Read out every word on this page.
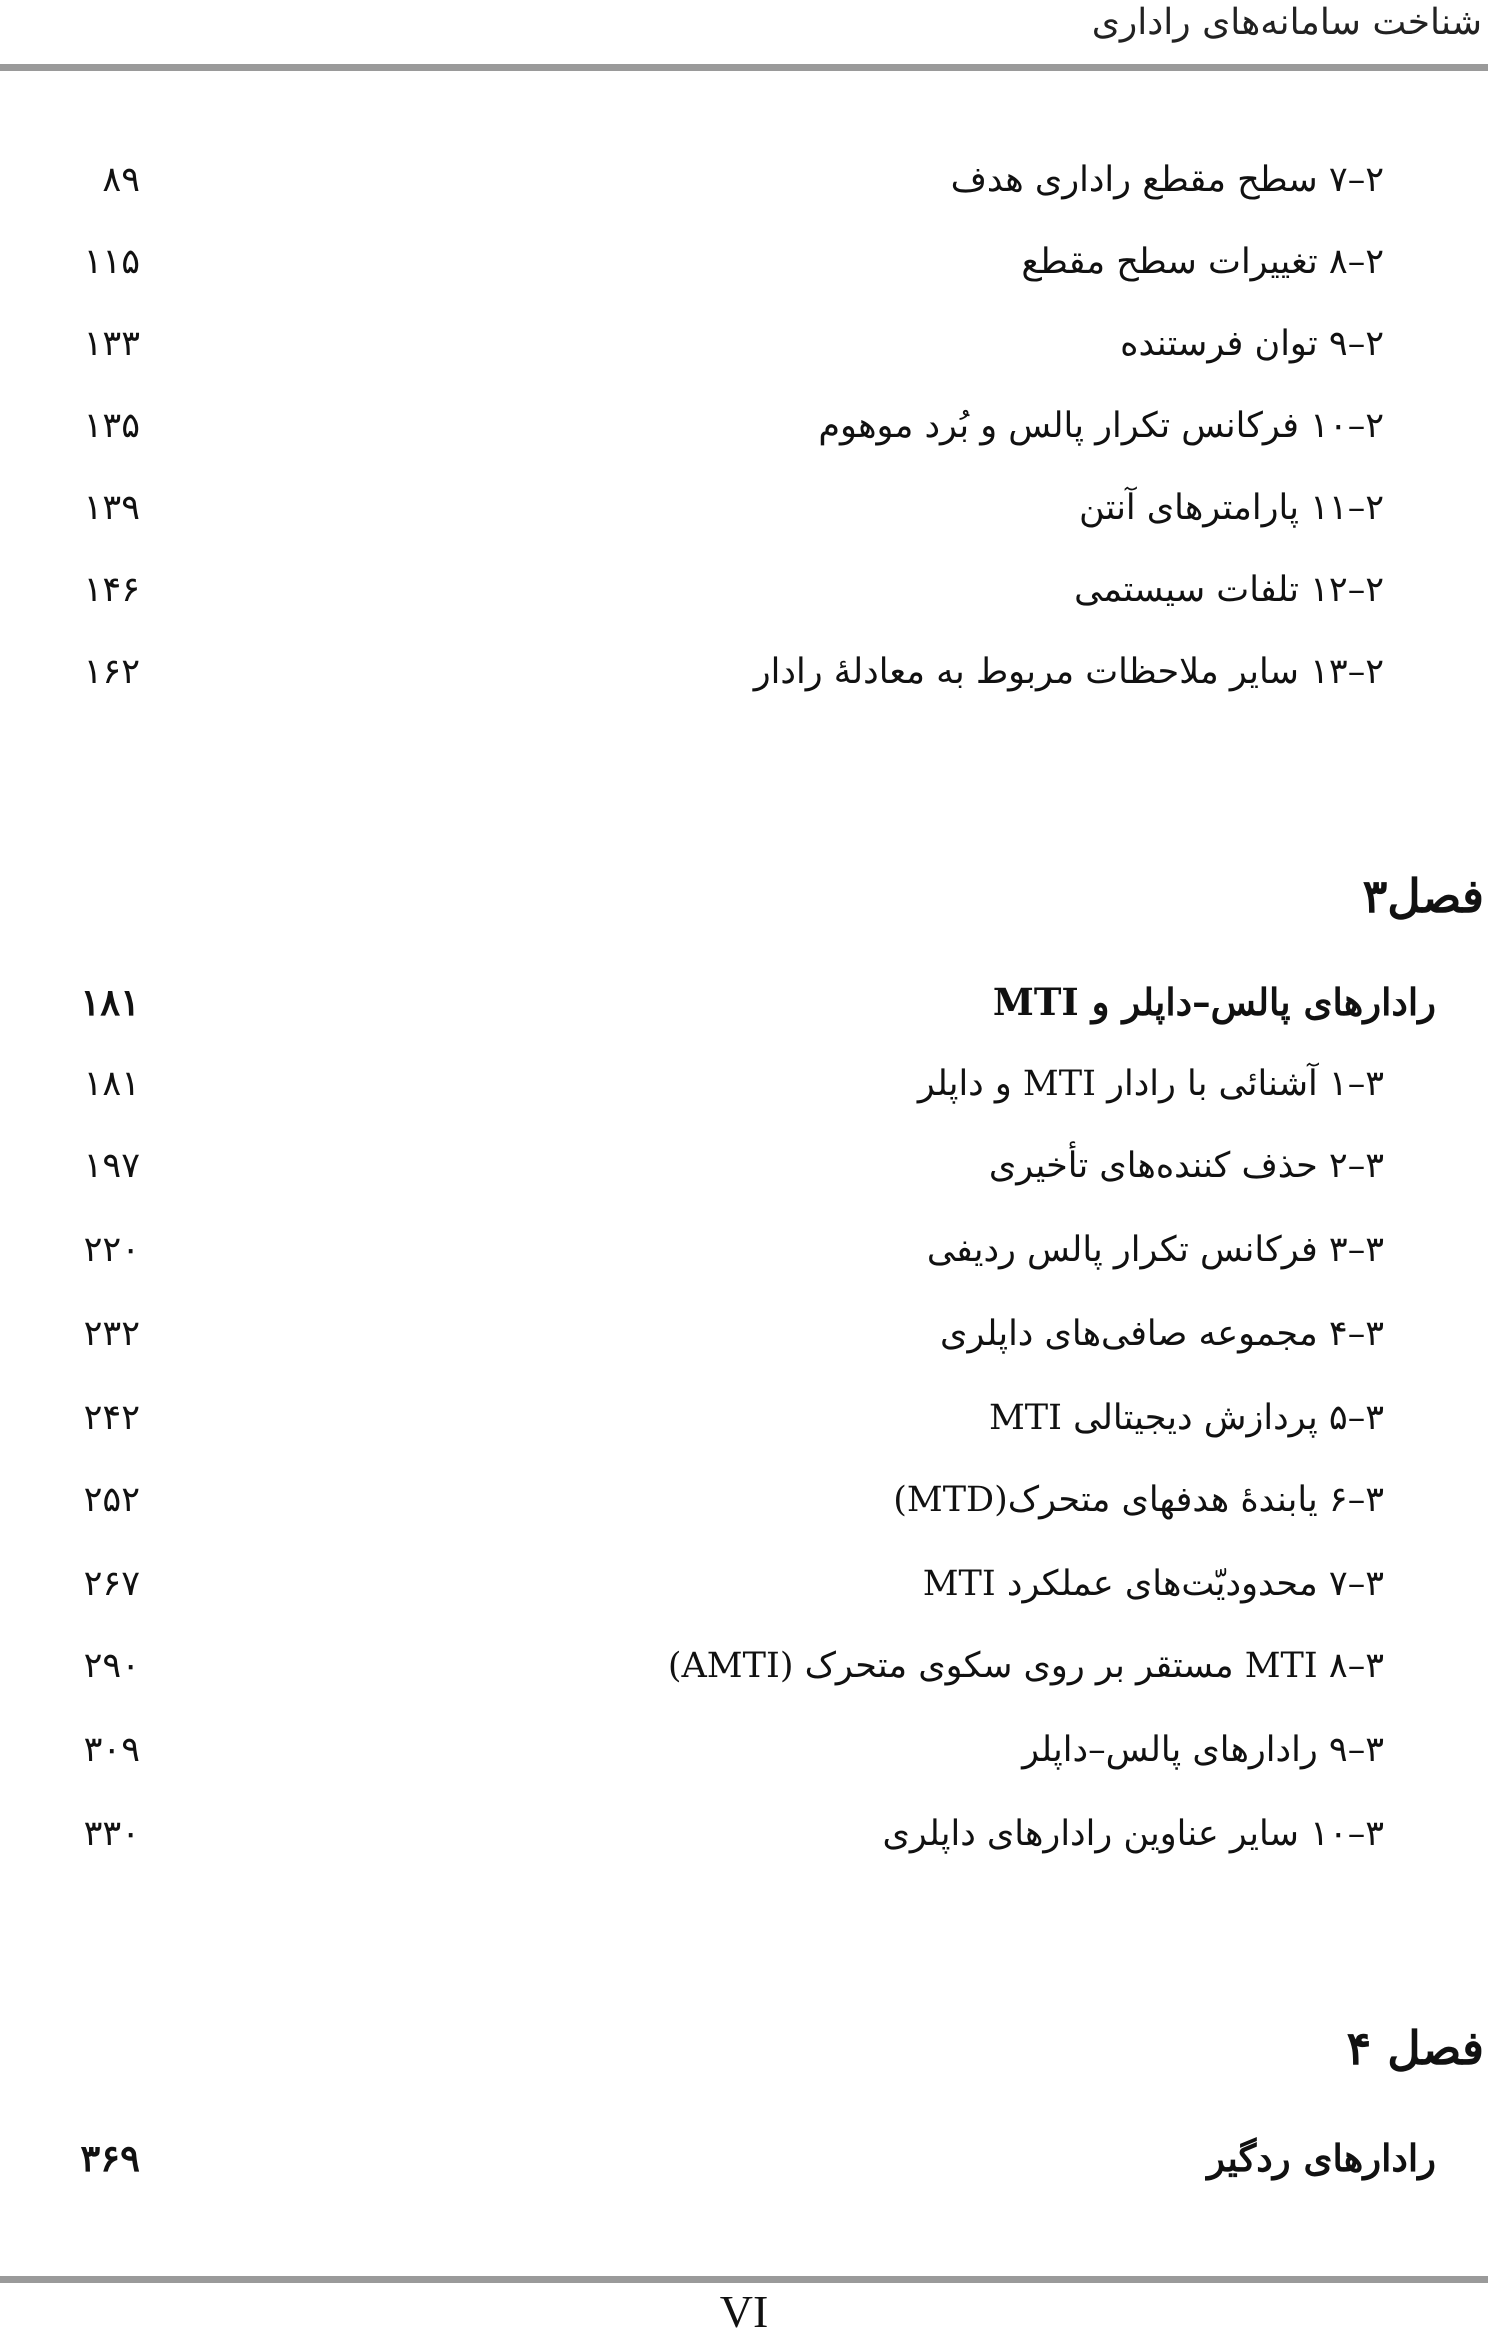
شناخت سامانه‌های راداری
۲–۷ سطح مقطع راداری هدف
۸۹
۲–۸ تغییرات سطح مقطع
۱۱۵
۲–۹ توان فرستنده
۱۳۳
۲–۱۰ فرکانس تکرار پالس و بُرد موهوم
۱۳۵
۲–۱۱ پارامترهای آنتن
۱۳۹
۲–۱۲ تلفات سیستمی
۱۴۶
۲–۱۳ سایر ملاحظات مربوط به معادلهٔ رادار
۱۶۲
فصل۳
رادارهای پالس–داپلر و MTI
۱۸۱
۳–۱ آشنائی با رادار MTI و داپلر
۱۸۱
۳–۲ حذف کننده‌های تأخیری
۱۹۷
۳–۳ فرکانس تکرار پالس ردیفی
۲۲۰
۳–۴ مجموعه صافی‌های داپلری
۲۳۲
۳–۵ پردازش دیجیتالی MTI
۲۴۲
۳–۶ یابندهٔ هدفهای متحرک(MTD)
۲۵۲
۳–۷ محدودیّت‌های عملکرد MTI
۲۶۷
۳–۸ MTI مستقر بر روی سکوی متحرک (AMTI)
۲۹۰
۳–۹ رادارهای پالس–داپلر
۳۰۹
۳–۱۰ سایر عناوین رادارهای داپلری
۳۳۰
فصل ۴
رادارهای ردگیر
۳۶۹
VI
